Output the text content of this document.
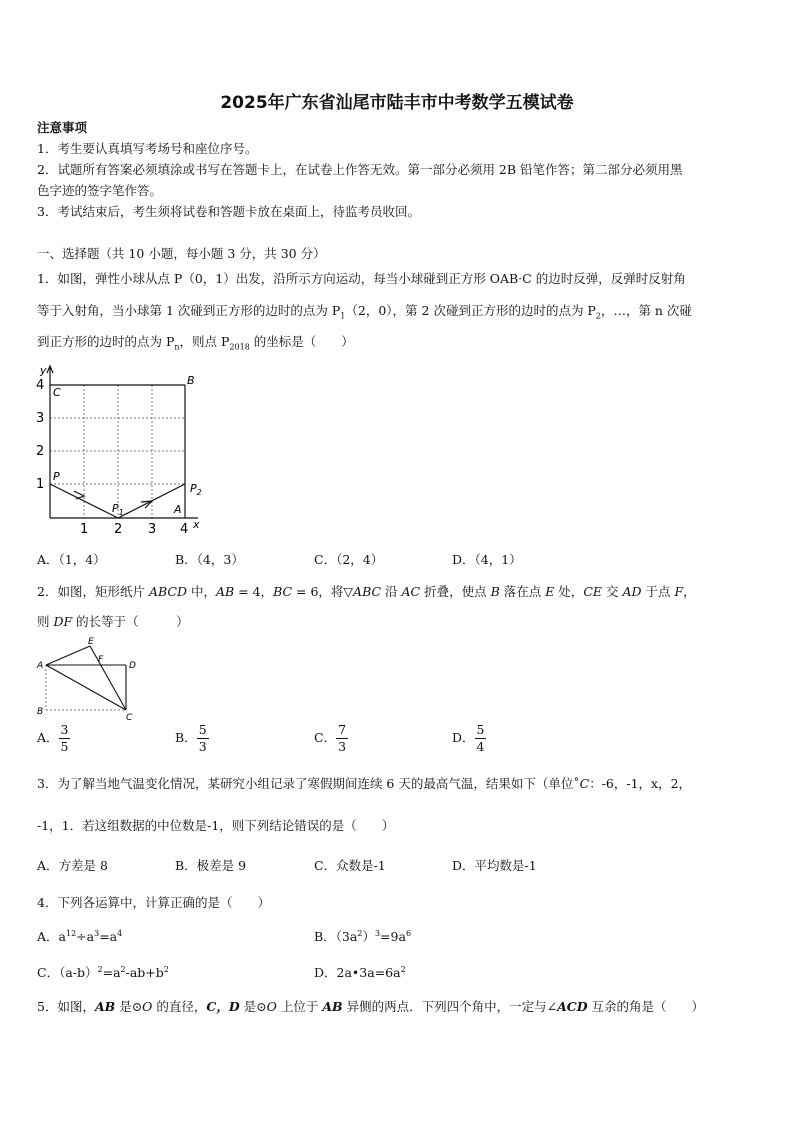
2025年广东省汕尾市陆丰市中考数学五模试卷
注意事项
1．考生要认真填写考场号和座位序号。
2．试题所有答案必须填涂或书写在答题卡上，在试卷上作答无效。第一部分必须用 2B 铅笔作答；第二部分必须用黑
色字迹的签字笔作答。
3．考试结束后，考生须将试卷和答题卡放在桌面上，待监考员收回。
一、选择题（共 10 小题，每小题 3 分，共 30 分）
1．如图，弹性小球从点 P（0，1）出发，沿所示方向运动，每当小球碰到正方形 OAB·C 的边时反弹，反弹时反射角
等于入射角，当小球第 1 次碰到正方形的边时的点为 $P_1(2$，0），第 2 次碰到正方形的边时的点为 $P_2$，…，第 n 次碰
到正方形的边时的点为 $P_n$，则点 $P_{2018}$ 的坐标是（　　）
4
3
2
1
1 2 3 4
y
x
C
B
P
$P_1$
$P_2$
A
A．（1，4）	B．（4，3）	C．（2，4）	D．（4，1）
2．如图，矩形纸片 ABCD 中，AB = 4，BC = 6，将▽ABC 沿 AC 折叠，使点 B 落在点 E 处，CE 交 AD 于点 F，
则 DF 的长等于（　　　）
A
B
C
D
E
F
A． $\frac{3}{5}$	B． $\frac{5}{3}$	C． $\frac{7}{3}$	D． $\frac{5}{4}$
3．为了解当地气温变化情况，某研究小组记录了寒假期间连续 6 天的最高气温，结果如下（单位˚C：-6，-1，x，2，
-1，1．若这组数据的中位数是-1，则下列结论错误的是（　　）
A．方差是 8	B．极差是 9	C．众数是-1	D．平均数是-1
4．下列各运算中，计算正确的是（　　）
A．$a^{12}\div a^3=a^4$	B．$(3a^2)^3=9a^6$
C．$(a-b)^2=a^2-ab+b^2$	D．$2a•3a=6a^2$
5．如图，AB 是⊙O 的直径，C，D 是⊙O 上位于 AB 异侧的两点．下列四个角中，一定与∠ACD 互余的角是（　　）
